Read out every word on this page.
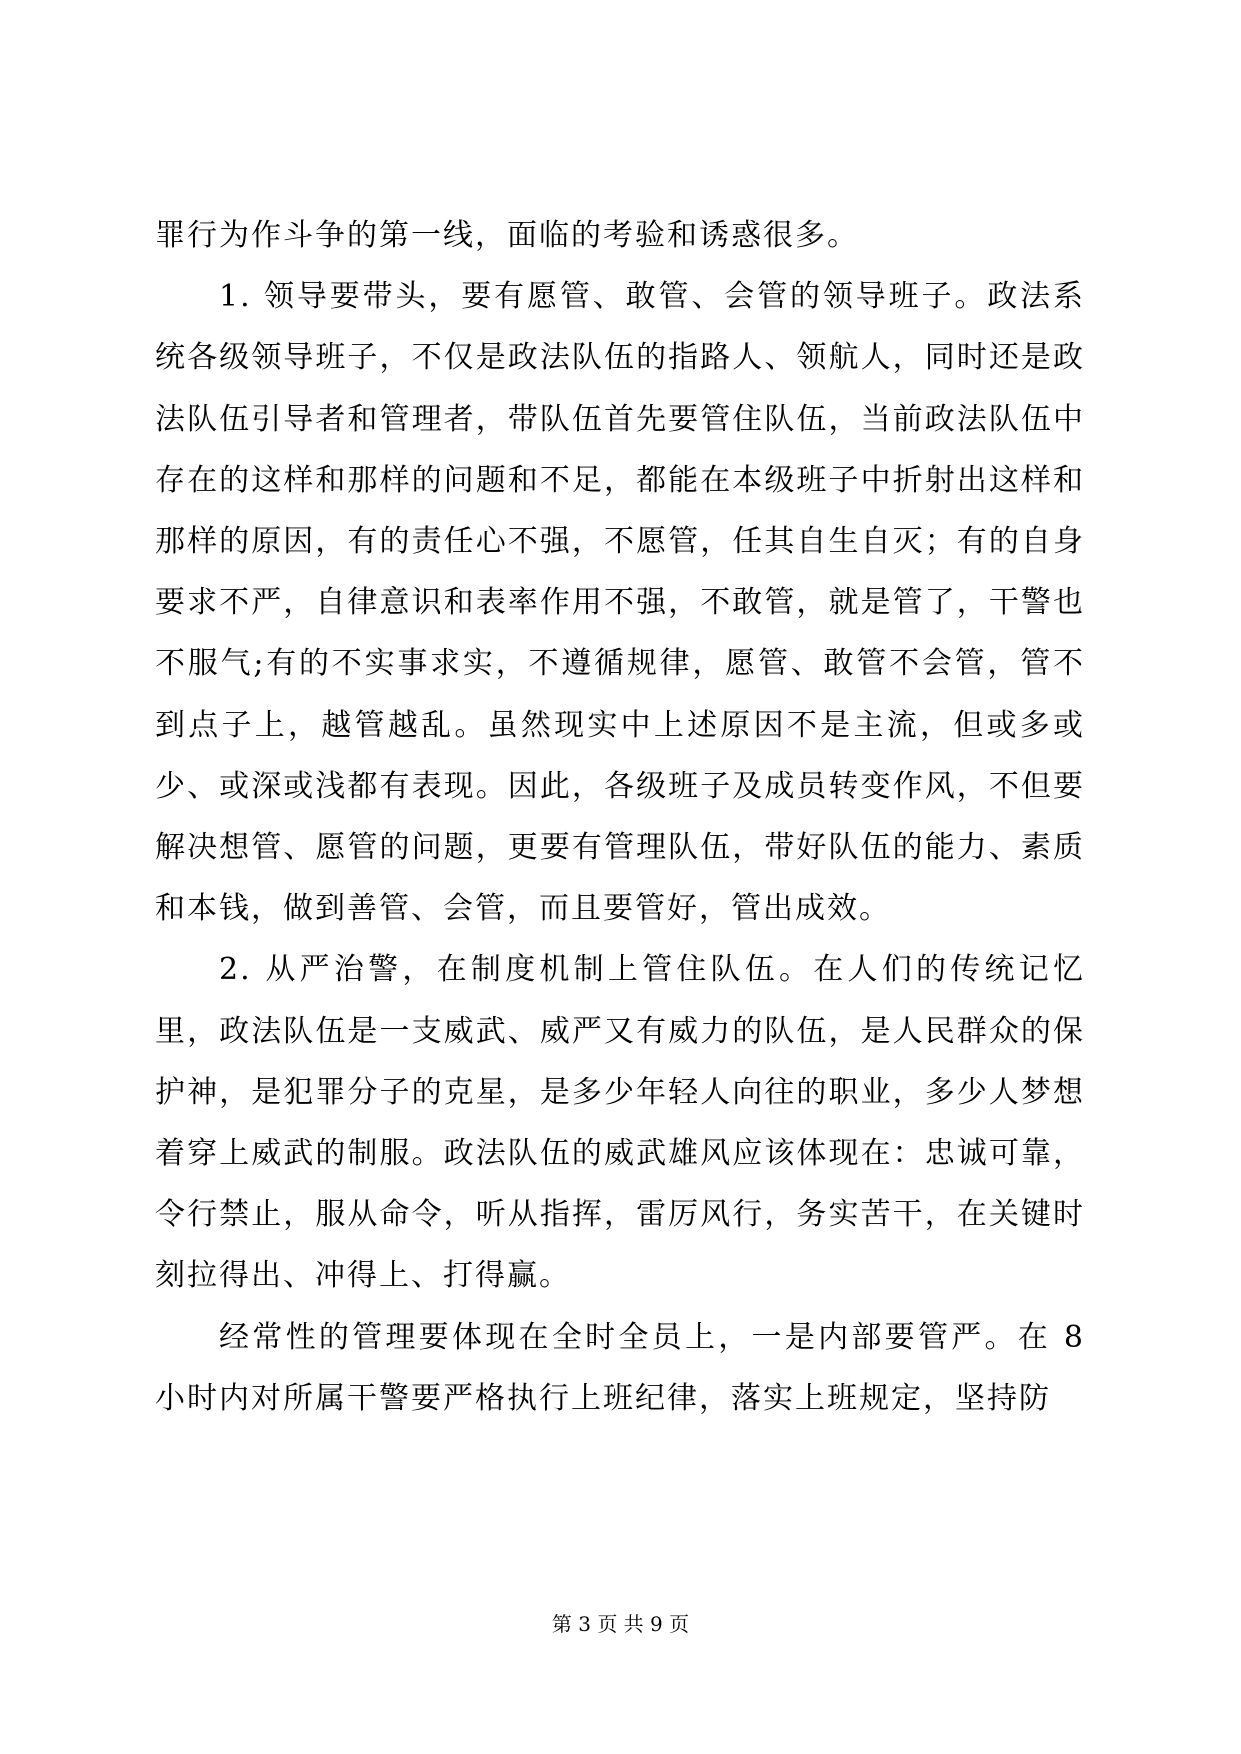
罪行为作斗争的第一线，面临的考验和诱惑很多。

1. 领导要带头，要有愿管、敢管、会管的领导班子。政法系统各级领导班子，不仅是政法队伍的指路人、领航人，同时还是政法队伍引导者和管理者，带队伍首先要管住队伍，当前政法队伍中存在的这样和那样的问题和不足，都能在本级班子中折射出这样和那样的原因，有的责任心不强，不愿管，任其自生自灭；有的自身要求不严，自律意识和表率作用不强，不敢管，就是管了，干警也不服气;有的不实事求实，不遵循规律，愿管、敢管不会管，管不到点子上，越管越乱。虽然现实中上述原因不是主流，但或多或少、或深或浅都有表现。因此，各级班子及成员转变作风，不但要解决想管、愿管的问题，更要有管理队伍，带好队伍的能力、素质和本钱，做到善管、会管，而且要管好，管出成效。

2. 从严治警，在制度机制上管住队伍。在人们的传统记忆里，政法队伍是一支威武、威严又有威力的队伍，是人民群众的保护神，是犯罪分子的克星，是多少年轻人向往的职业，多少人梦想着穿上威武的制服。政法队伍的威武雄风应该体现在：忠诚可靠，令行禁止，服从命令，听从指挥，雷厉风行，务实苦干，在关键时刻拉得出、冲得上、打得赢。

经常性的管理要体现在全时全员上，一是内部要管严。在 8 小时内对所属干警要严格执行上班纪律，落实上班规定，坚持防

第 3 页 共 9 页
